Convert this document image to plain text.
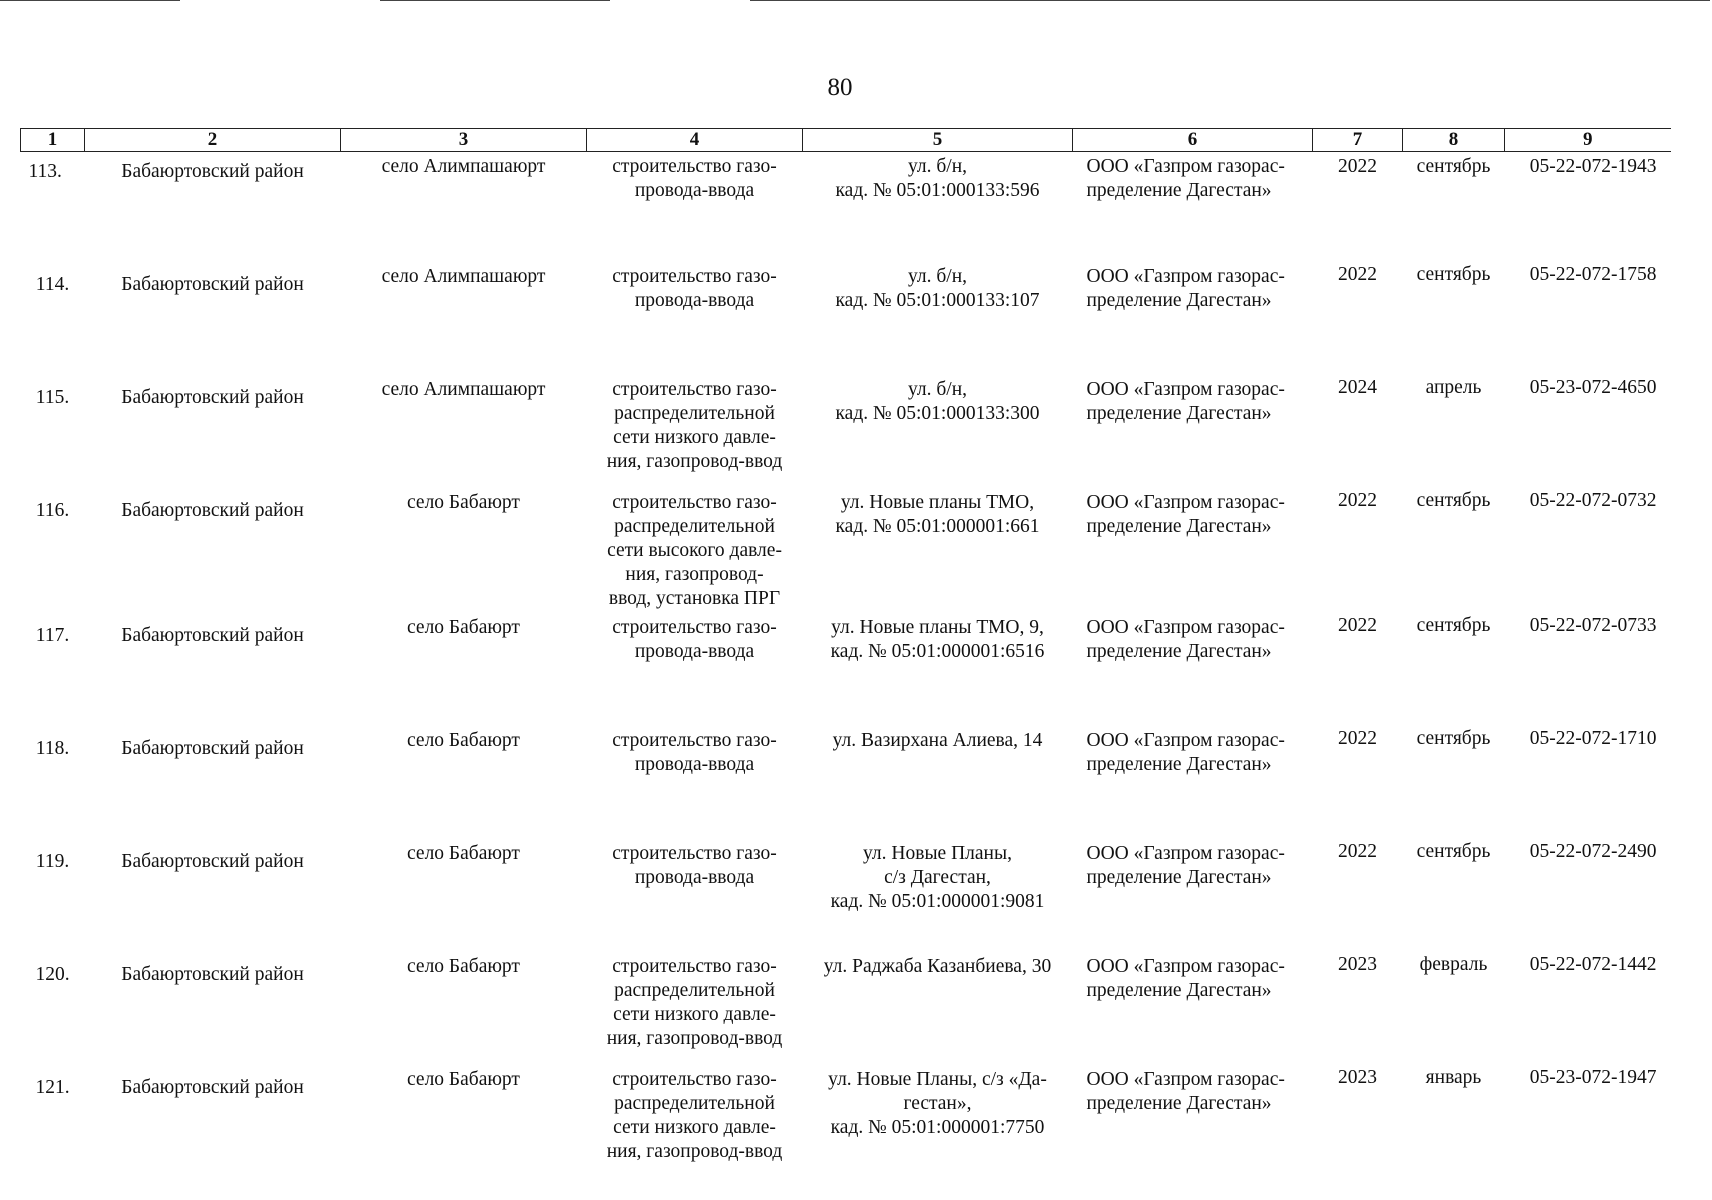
80
1	2	3	4	5	6	7	8	9
113.	Бабаюртовский район	село Алимпашаюрт	строительство газо-
провода-ввода	ул. б/н,
кад. № 05:01:000133:596	ООО «Газпром газорас-
пределение Дагестан»	2022	сентябрь	05-22-072-1943
114.	Бабаюртовский район	село Алимпашаюрт	строительство газо-
провода-ввода	ул. б/н,
кад. № 05:01:000133:107	ООО «Газпром газорас-
пределение Дагестан»	2022	сентябрь	05-22-072-1758
115.	Бабаюртовский район	село Алимпашаюрт	строительство газо-
распределительной
сети низкого давле-
ния, газопровод-ввод	ул. б/н,
кад. № 05:01:000133:300	ООО «Газпром газорас-
пределение Дагестан»	2024	апрель	05-23-072-4650
116.	Бабаюртовский район	село Бабаюрт	строительство газо-
распределительной
сети высокого давле-
ния, газопровод-
ввод, установка ПРГ	ул. Новые планы ТМО,
кад. № 05:01:000001:661	ООО «Газпром газорас-
пределение Дагестан»	2022	сентябрь	05-22-072-0732
117.	Бабаюртовский район	село Бабаюрт	строительство газо-
провода-ввода	ул. Новые планы ТМО, 9,
кад. № 05:01:000001:6516	ООО «Газпром газорас-
пределение Дагестан»	2022	сентябрь	05-22-072-0733
118.	Бабаюртовский район	село Бабаюрт	строительство газо-
провода-ввода	ул. Вазирхана Алиева, 14	ООО «Газпром газорас-
пределение Дагестан»	2022	сентябрь	05-22-072-1710
119.	Бабаюртовский район	село Бабаюрт	строительство газо-
провода-ввода	ул. Новые Планы,
с/з Дагестан,
кад. № 05:01:000001:9081	ООО «Газпром газорас-
пределение Дагестан»	2022	сентябрь	05-22-072-2490
120.	Бабаюртовский район	село Бабаюрт	строительство газо-
распределительной
сети низкого давле-
ния, газопровод-ввод	ул. Раджаба Казанбиева, 30	ООО «Газпром газорас-
пределение Дагестан»	2023	февраль	05-22-072-1442
121.	Бабаюртовский район	село Бабаюрт	строительство газо-
распределительной
сети низкого давле-
ния, газопровод-ввод	ул. Новые Планы, с/з «Да-
гестан»,
кад. № 05:01:000001:7750	ООО «Газпром газорас-
пределение Дагестан»	2023	январь	05-23-072-1947
